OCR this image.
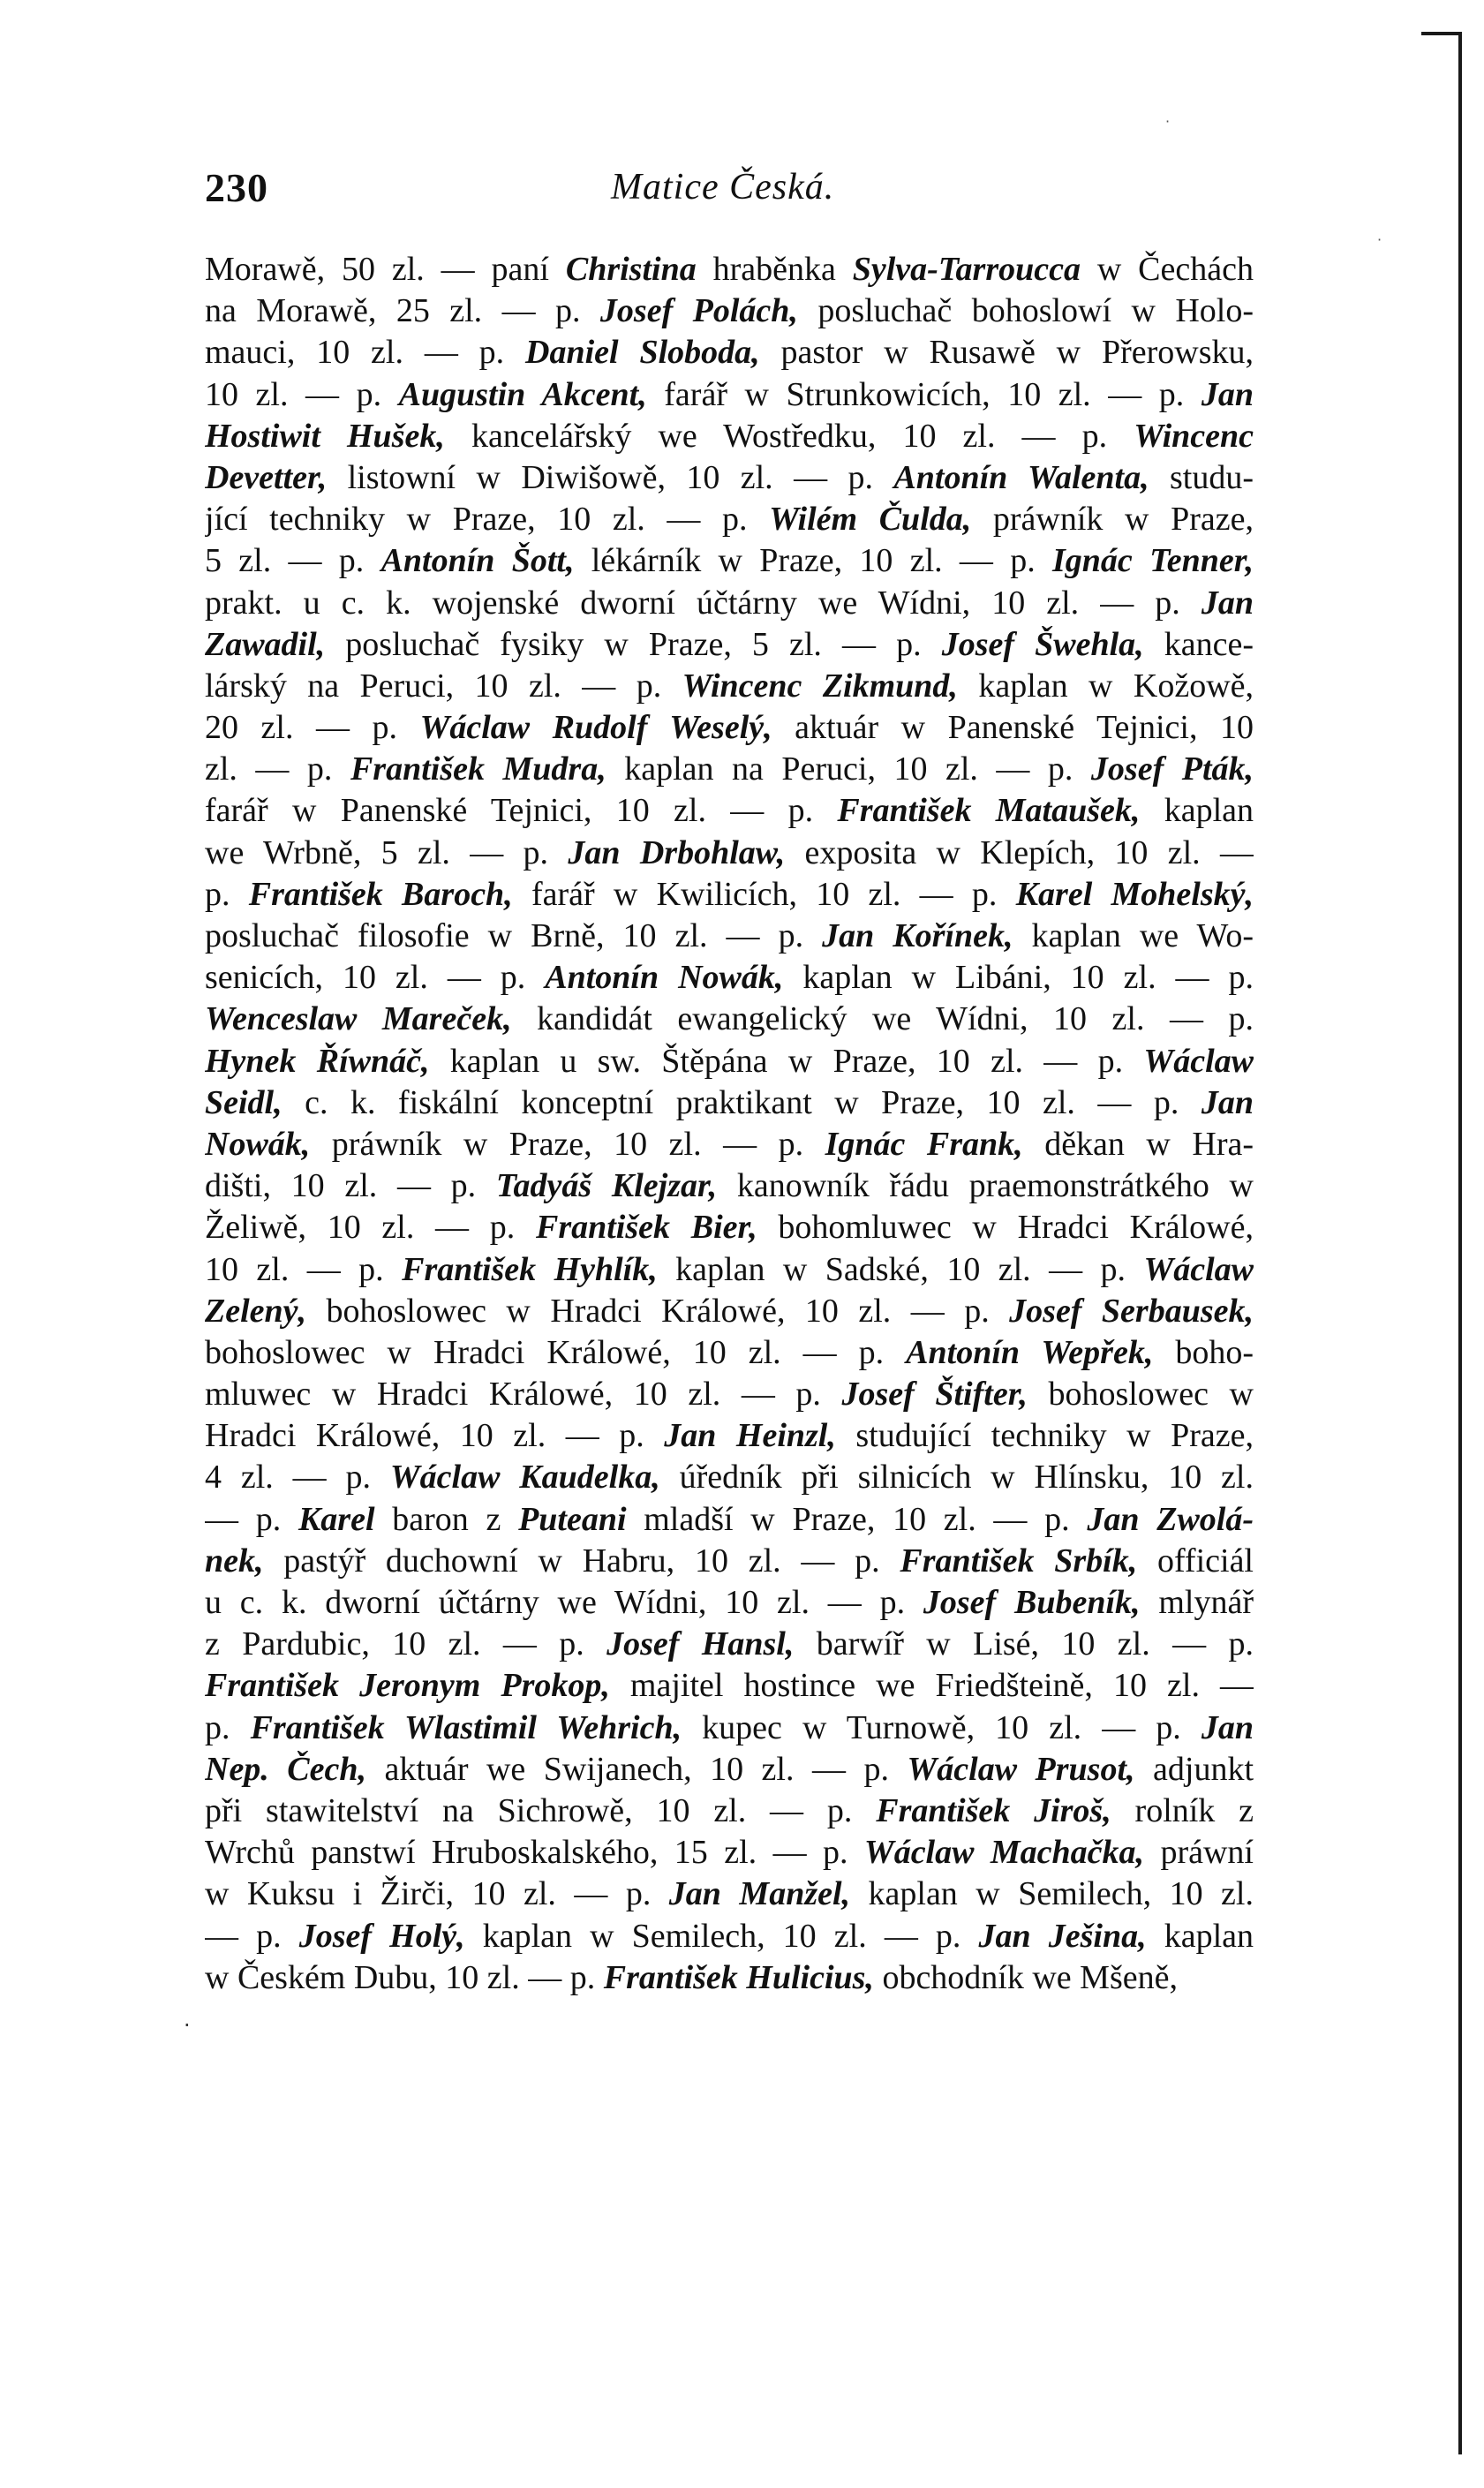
230	Matice Česká.
Morawě, 50 zl. — paní Christina hraběnka Sylva-Tarroucca w Čechách
na Morawě, 25 zl. — p. Josef Polách, posluchač bohoslowí w Holo-
mauci, 10 zl. — p. Daniel Sloboda, pastor w Rusawě w Přerowsku,
10 zl. — p. Augustin Akcent, farář w Strunkowicích, 10 zl. — p. Jan
Hostiwit Hušek, kancelářský we Wostředku, 10 zl. — p. Wincenc
Devetter, listowní w Diwišowě, 10 zl. — p. Antonín Walenta, studu-
jící techniky w Praze, 10 zl. — p. Wilém Čulda, práwník w Praze,
5 zl. — p. Antonín Šott, lékárník w Praze, 10 zl. — p. Ignác Tenner,
prakt. u c. k. wojenské dworní účtárny we Wídni, 10 zl. — p. Jan
Zawadil, posluchač fysiky w Praze, 5 zl. — p. Josef Šwehla, kance-
lárský na Peruci, 10 zl. — p. Wincenc Zikmund, kaplan w Kožowě,
20 zl. — p. Wáclaw Rudolf Weselý, aktuár w Panenské Tejnici, 10
zl. — p. František Mudra, kaplan na Peruci, 10 zl. — p. Josef Pták,
farář w Panenské Tejnici, 10 zl. — p. František Mataušek, kaplan
we Wrbně, 5 zl. — p. Jan Drbohlaw, exposita w Klepích, 10 zl. —
p. František Baroch, farář w Kwilicích, 10 zl. — p. Karel Mohelský,
posluchač filosofie w Brně, 10 zl. — p. Jan Kořínek, kaplan we Wo-
senicích, 10 zl. — p. Antonín Nowák, kaplan w Libáni, 10 zl. — p.
Wenceslaw Mareček, kandidát ewangelický we Wídni, 10 zl. — p.
Hynek Říwnáč, kaplan u sw. Štěpána w Praze, 10 zl. — p. Wáclaw
Seidl, c. k. fiskální konceptní praktikant w Praze, 10 zl. — p. Jan
Nowák, práwník w Praze, 10 zl. — p. Ignác Frank, děkan w Hra-
dišti, 10 zl. — p. Tadyáš Klejzar, kanowník řádu praemonstrátkého w
Želiwě, 10 zl. — p. František Bier, bohomluwec w Hradci Králowé,
10 zl. — p. František Hyhlík, kaplan w Sadské, 10 zl. — p. Wáclaw
Zelený, bohoslowec w Hradci Králowé, 10 zl. — p. Josef Serbausek,
bohoslowec w Hradci Králowé, 10 zl. — p. Antonín Wepřek, boho-
mluwec w Hradci Králowé, 10 zl. — p. Josef Štifter, bohoslowec w
Hradci Králowé, 10 zl. — p. Jan Heinzl, studující techniky w Praze,
4 zl. — p. Wáclaw Kaudelka, úředník při silnicích w Hlínsku, 10 zl.
— p. Karel baron z Puteani mladší w Praze, 10 zl. — p. Jan Zwolá-
nek, pastýř duchowní w Habru, 10 zl. — p. František Srbík, officiál
u c. k. dworní účtárny we Wídni, 10 zl. — p. Josef Bubeník, mlynář
z Pardubic, 10 zl. — p. Josef Hansl, barwíř w Lisé, 10 zl. — p.
František Jeronym Prokop, majitel hostince we Friedšteině, 10 zl. —
p. František Wlastimil Wehrich, kupec w Turnowě, 10 zl. — p. Jan
Nep. Čech, aktuár we Swijanech, 10 zl. — p. Wáclaw Prusot, adjunkt
při stawitelství na Sichrowě, 10 zl. — p. František Jiroš, rolník z
Wrchů panstwí Hruboskalského, 15 zl. — p. Wáclaw Machačka, práwní
w Kuksu i Žirči, 10 zl. — p. Jan Manžel, kaplan w Semilech, 10 zl.
— p. Josef Holý, kaplan w Semilech, 10 zl. — p. Jan Ješina, kaplan
w Českém Dubu, 10 zl. — p. František Hulicius, obchodník we Mšeně,
·
·
·
